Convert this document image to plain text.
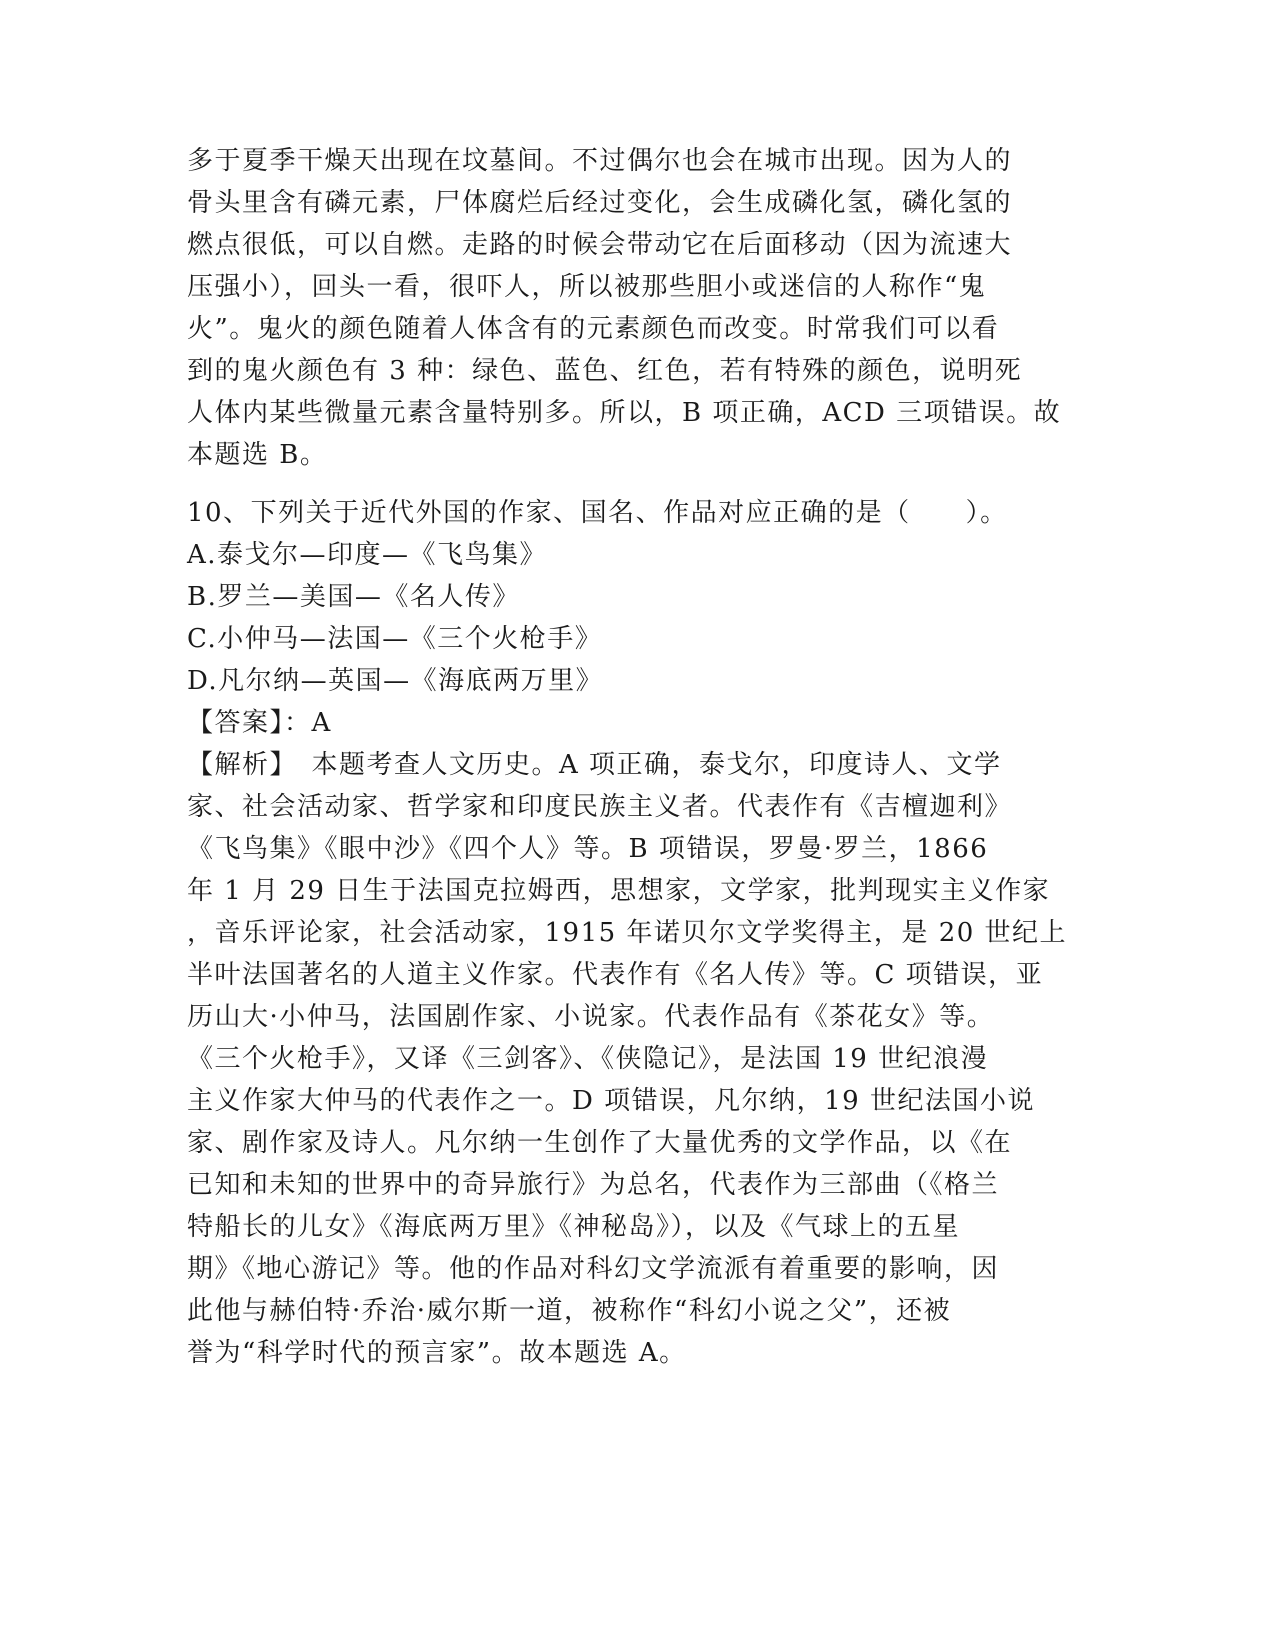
多于夏季干燥天出现在坟墓间。不过偶尔也会在城市出现。因为人的
骨头里含有磷元素，尸体腐烂后经过变化，会生成磷化氢，磷化氢的
燃点很低，可以自燃。走路的时候会带动它在后面移动（因为流速大
压强小），回头一看，很吓人，所以被那些胆小或迷信的人称作“鬼
火”。鬼火的颜色随着人体含有的元素颜色而改变。时常我们可以看
到的鬼火颜色有 3 种：绿色、蓝色、红色，若有特殊的颜色，说明死
人体内某些微量元素含量特别多。所以，B 项正确，ACD 三项错误。故
本题选 B。
10、下列关于近代外国的作家、国名、作品对应正确的是（　　）。
A.泰戈尔—印度—《飞鸟集》
B.罗兰—美国—《名人传》
C.小仲马—法国—《三个火枪手》
D.凡尔纳—英国—《海底两万里》
【答案】：A
【解析】　本题考查人文历史。A 项正确，泰戈尔，印度诗人、文学
家、社会活动家、哲学家和印度民族主义者。代表作有《吉檀迦利》
《飞鸟集》《眼中沙》《四个人》等。B 项错误，罗曼·罗兰，1866
年 1 月 29 日生于法国克拉姆西，思想家，文学家，批判现实主义作家
，音乐评论家，社会活动家，1915 年诺贝尔文学奖得主，是 20 世纪上
半叶法国著名的人道主义作家。代表作有《名人传》等。C 项错误，亚
历山大·小仲马，法国剧作家、小说家。代表作品有《茶花女》等。
《三个火枪手》，又译《三剑客》、《侠隐记》，是法国 19 世纪浪漫
主义作家大仲马的代表作之一。D 项错误，凡尔纳，19 世纪法国小说
家、剧作家及诗人。凡尔纳一生创作了大量优秀的文学作品，以《在
已知和未知的世界中的奇异旅行》为总名，代表作为三部曲（《格兰
特船长的儿女》《海底两万里》《神秘岛》），以及《气球上的五星
期》《地心游记》等。他的作品对科幻文学流派有着重要的影响，因
此他与赫伯特·乔治·威尔斯一道，被称作“科幻小说之父”，还被
誉为“科学时代的预言家”。故本题选 A。
